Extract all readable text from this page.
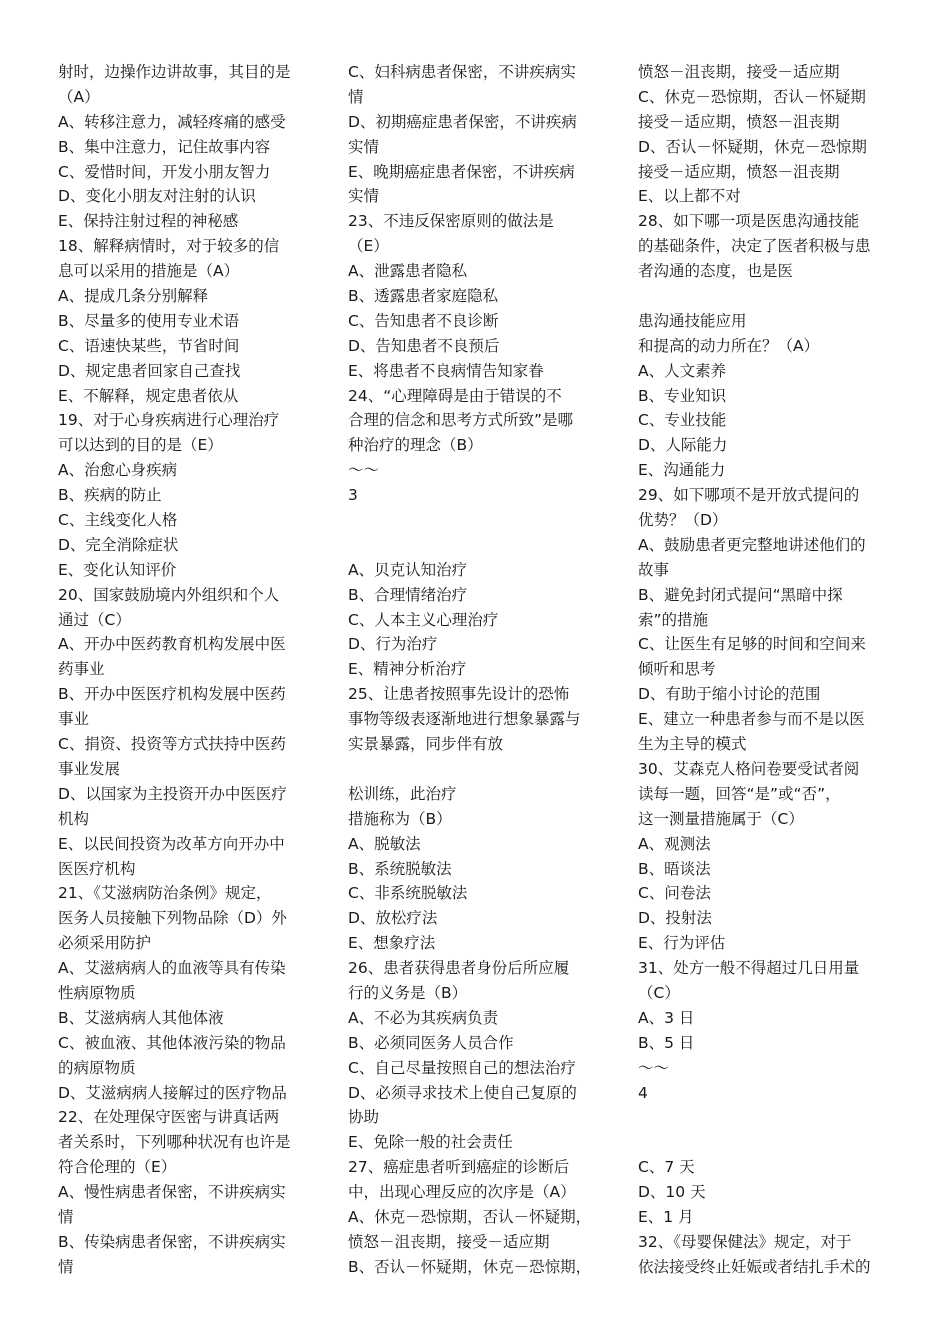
射时，边操作边讲故事，其目的是
（A）
A、转移注意力，减轻疼痛的感受
B、集中注意力，记住故事内容
C、爱惜时间，开发小朋友智力
D、变化小朋友对注射的认识
E、保持注射过程的神秘感
18、解释病情时，对于较多的信
息可以采用的措施是（A）
A、提成几条分别解释
B、尽量多的使用专业术语
C、语速快某些，节省时间
D、规定患者回家自己查找
E、不解释，规定患者依从
19、对于心身疾病进行心理治疗
可以达到的目的是（E）
A、治愈心身疾病
B、疾病的防止
C、主线变化人格
D、完全消除症状
E、变化认知评价
20、国家鼓励境内外组织和个人
通过（C）
A、开办中医药教育机构发展中医
药事业
B、开办中医医疗机构发展中医药
事业
C、捐资、投资等方式扶持中医药
事业发展
D、以国家为主投资开办中医医疗
机构
E、以民间投资为改革方向开办中
医医疗机构
21、《艾滋病防治条例》规定，
医务人员接触下列物品除（D）外
必须采用防护
A、艾滋病病人的血液等具有传染
性病原物质
B、艾滋病病人其他体液
C、被血液、其他体液污染的物品
的病原物质
D、艾滋病病人接解过的医疗物品
22、在处理保守医密与讲真话两
者关系时，下列哪种状况有也许是
符合伦理的（E）
A、慢性病患者保密，不讲疾病实
情
B、传染病患者保密，不讲疾病实
情
C、妇科病患者保密，不讲疾病实
情
D、初期癌症患者保密，不讲疾病
实情
E、晚期癌症患者保密，不讲疾病
实情
23、不违反保密原则的做法是
（E）
A、泄露患者隐私
B、透露患者家庭隐私
C、告知患者不良诊断
D、告知患者不良预后
E、将患者不良病情告知家眷
24、“心理障碍是由于错误的不
合理的信念和思考方式所致”是哪
种治疗的理念（B）
～～
3
A、贝克认知治疗
B、合理情绪治疗
C、人本主义心理治疗
D、行为治疗
E、精神分析治疗
25、让患者按照事先设计的恐怖
事物等级表逐渐地进行想象暴露与
实景暴露，同步伴有放
松训练，此治疗
措施称为（B）
A、脱敏法
B、系统脱敏法
C、非系统脱敏法
D、放松疗法
E、想象疗法
26、患者获得患者身份后所应履
行的义务是（B）
A、不必为其疾病负责
B、必须同医务人员合作
C、自己尽量按照自己的想法治疗
D、必须寻求技术上使自己复原的
协助
E、免除一般的社会责任
27、癌症患者听到癌症的诊断后
中，出现心理反应的次序是（A）
A、休克－恐惊期，否认－怀疑期，
愤怒－沮丧期，接受－适应期
B、否认－怀疑期，休克－恐惊期，
愤怒－沮丧期，接受－适应期
C、休克－恐惊期，否认－怀疑期
接受－适应期，愤怒－沮丧期
D、否认－怀疑期，休克－恐惊期
接受－适应期，愤怒－沮丧期
E、以上都不对
28、如下哪一项是医患沟通技能
的基础条件，决定了医者积极与患
者沟通的态度，也是医
患沟通技能应用
和提高的动力所在？（A）
A、人文素养
B、专业知识
C、专业技能
D、人际能力
E、沟通能力
29、如下哪项不是开放式提问的
优势？（D）
A、鼓励患者更完整地讲述他们的
故事
B、避免封闭式提问“黑暗中探
索”的措施
C、让医生有足够的时间和空间来
倾听和思考
D、有助于缩小讨论的范围
E、建立一种患者参与而不是以医
生为主导的模式
30、艾森克人格问卷要受试者阅
读每一题，回答“是”或“否”，
这一测量措施属于（C）
A、观测法
B、晤谈法
C、问卷法
D、投射法
E、行为评估
31、处方一般不得超过几日用量
（C）
A、3 日
B、5 日
～～
4
C、7 天
D、10 天
E、1 月
32、《母婴保健法》规定，对于
依法接受终止妊娠或者结扎手术的
